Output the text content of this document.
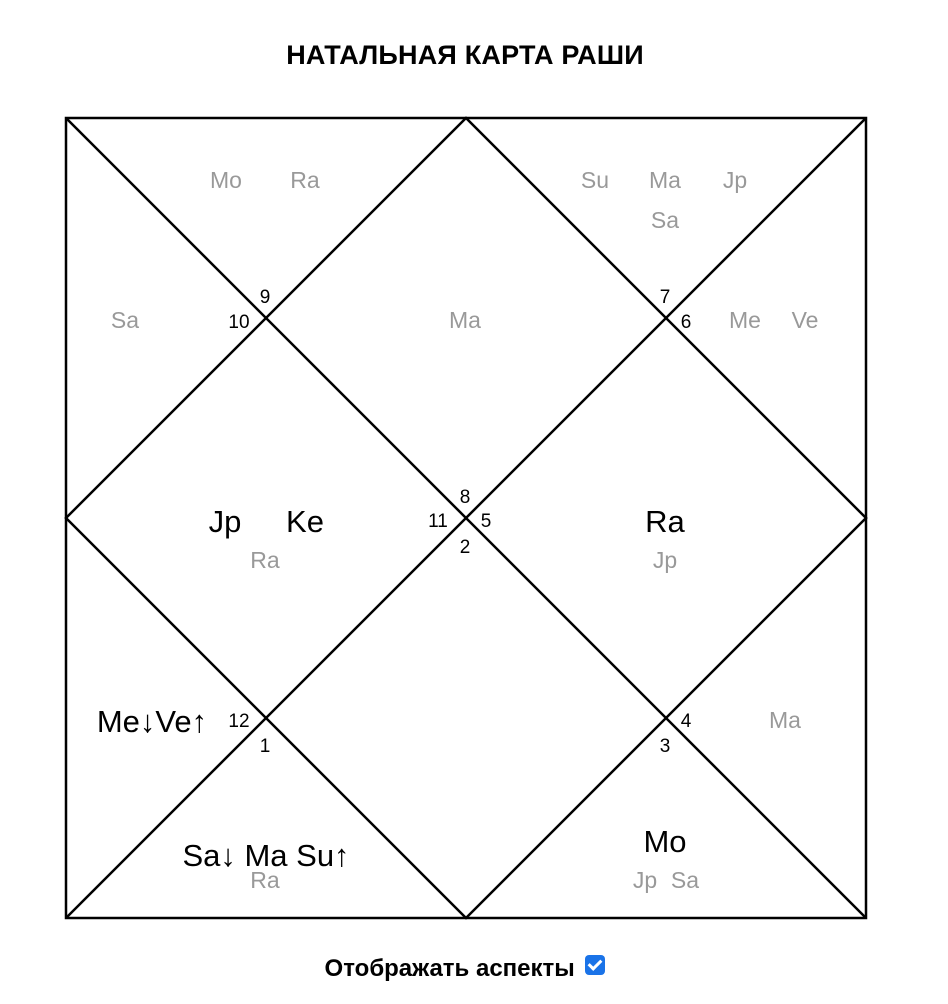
НАТАЛЬНАЯ КАРТА РАШИ
9
10
7
6
8
11 5
2
12
1
4
3
Jp Ke	Ra
Me↓Ve↑
Sa↓ Ma Su↑	Mo
Mo Ra	Su Ma Jp
Sa
Sa	Ma	Me Ve
Ra	Jp
Ma
Ra	Jp Sa
Отображать аспекты
